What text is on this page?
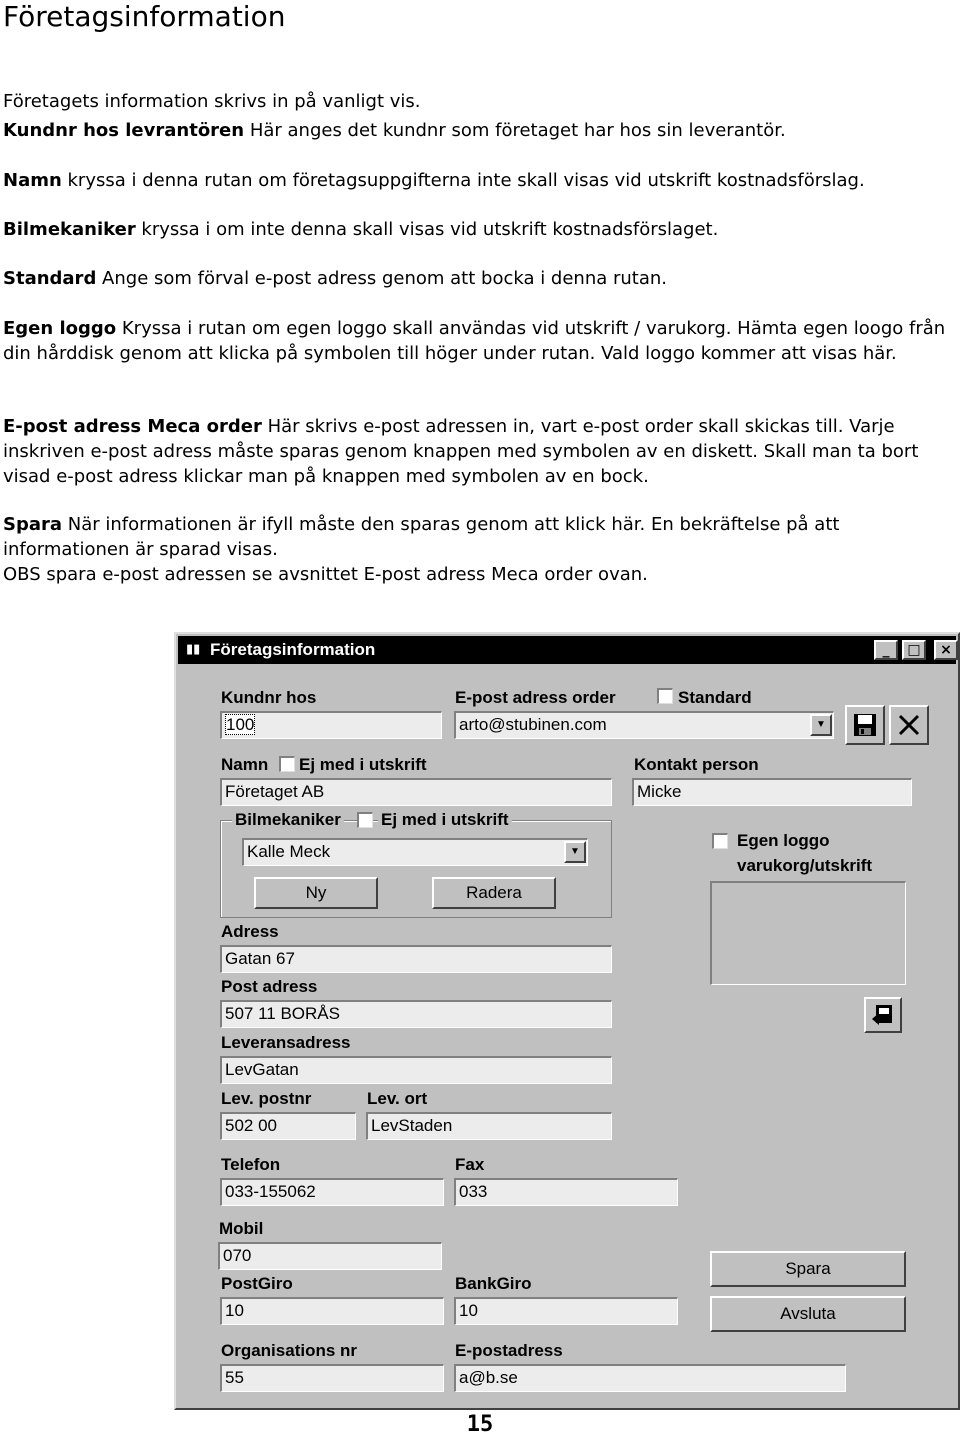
Företagsinformation
Företagets information skrivs in på vanligt vis.
Kundnr hos levrantören Här anges det kundnr som företaget har hos sin leverantör.
Namn kryssa i denna rutan om företagsuppgifterna inte skall visas vid utskrift kostnadsförslag.
Bilmekaniker kryssa i om inte denna skall visas vid utskrift kostnadsförslaget.
Standard Ange som förval e-post adress genom att bocka i denna rutan.
Egen loggo Kryssa i rutan om egen loggo skall användas vid utskrift / varukorg. Hämta egen loogo från din hårddisk genom att klicka på symbolen till höger under rutan. Vald loggo kommer att visas här.
E-post adress Meca order Här skrivs e-post adressen in, vart e-post order skall skickas till. Varje inskriven e-post adress måste sparas genom knappen med symbolen av en diskett. Skall man ta bort visad e-post adress klickar man på knappen med symbolen av en bock.
Spara När informationen är ifyll måste den sparas genom att klick här. En bekräftelse på att informationen är sparad visas.
OBS spara e-post adressen se avsnittet E-post adress Meca order ovan.
▮▮ Företagsinformation	_	□	×
Kundnr hos
100
E-post adress order	Standard
arto@stubinen.com	▼
Namn Ej med i utskrift
Företaget AB
Kontakt person
Micke
Bilmekaniker Ej med i utskrift
Kalle Meck	▼
Ny	Radera
Egen loggo
varukorg/utskrift
Adress
Gatan 67
Post adress
507 11 BORÅS
Leveransadress
LevGatan
Lev. postnr
502 00
Lev. ort
LevStaden
Telefon
033-155062
Fax
033
Mobil
070
Spara
Avsluta
PostGiro
10
BankGiro
10
Organisations nr
55
E-postadress
a@b.se
15
